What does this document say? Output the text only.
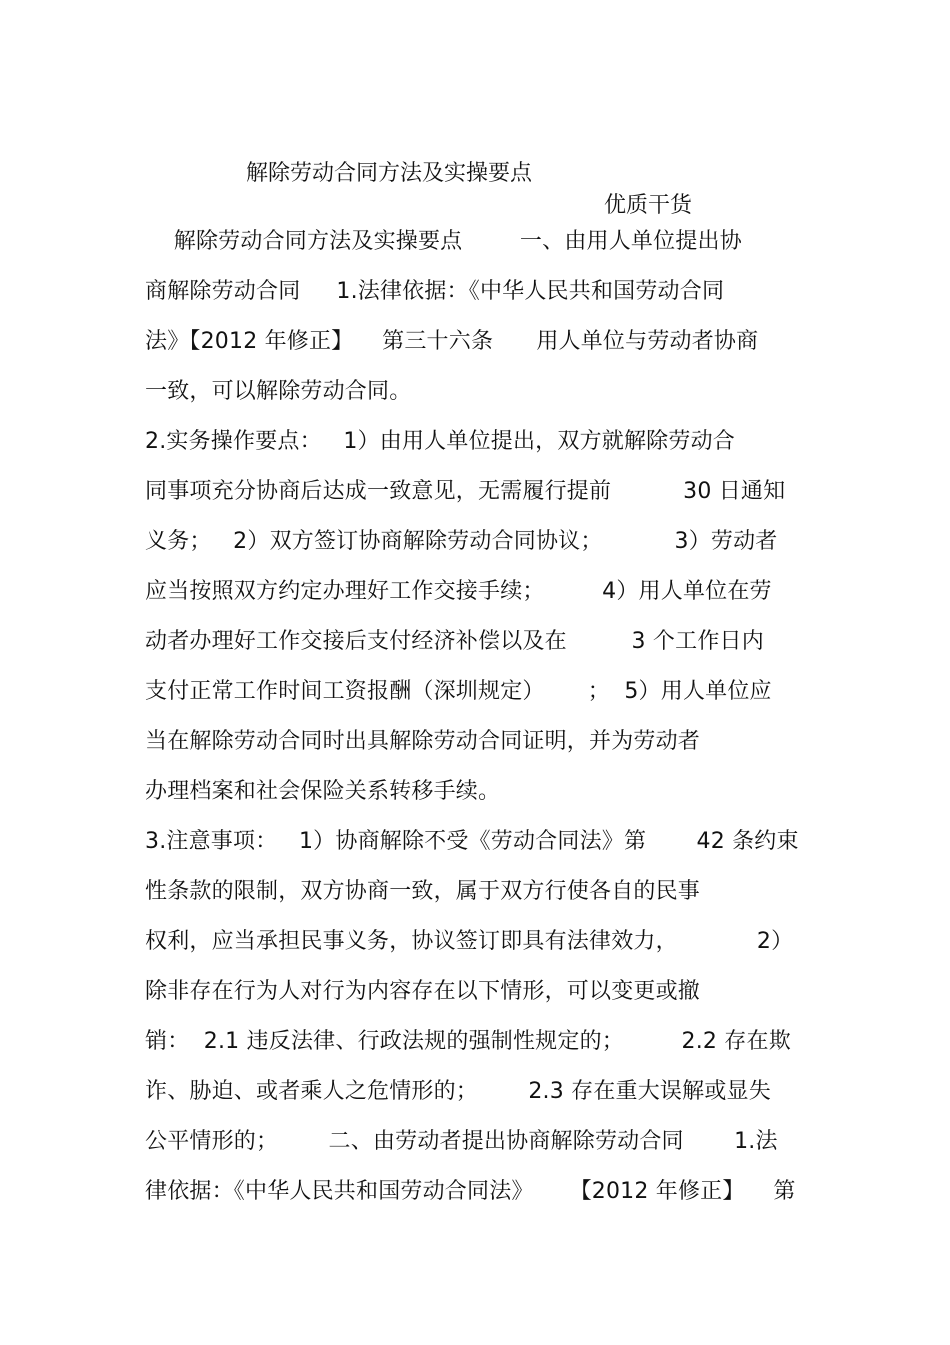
解除劳动合同方法及实操要点

优质干货

解除劳动合同方法及实操要点        一、由用人单位提出协
商解除劳动合同     1.法律依据：《中华人民共和国劳动合同
法》【2012 年修正】    第三十六条      用人单位与劳动者协商
一致，可以解除劳动合同。
2.实务操作要点：   1）由用人单位提出，双方就解除劳动合
同事项充分协商后达成一致意见，无需履行提前          30 日通知
义务；   2）双方签订协商解除劳动合同协议；          3）劳动者
应当按照双方约定办理好工作交接手续；        4）用人单位在劳
动者办理好工作交接后支付经济补偿以及在         3 个工作日内
支付正常工作时间工资报酬（深圳规定）      ；  5）用人单位应
当在解除劳动合同时出具解除劳动合同证明，并为劳动者
办理档案和社会保险关系转移手续。
3.注意事项：   1）协商解除不受《劳动合同法》第       42 条约束
性条款的限制，双方协商一致，属于双方行使各自的民事
权利，应当承担民事义务，协议签订即具有法律效力，           2）
除非存在行为人对行为内容存在以下情形，可以变更或撤
销：  2.1 违反法律、行政法规的强制性规定的；        2.2 存在欺
诈、胁迫、或者乘人之危情形的；       2.3 存在重大误解或显失
公平情形的；       二、由劳动者提出协商解除劳动合同       1.法
律依据：《中华人民共和国劳动合同法》     【2012 年修正】    第
